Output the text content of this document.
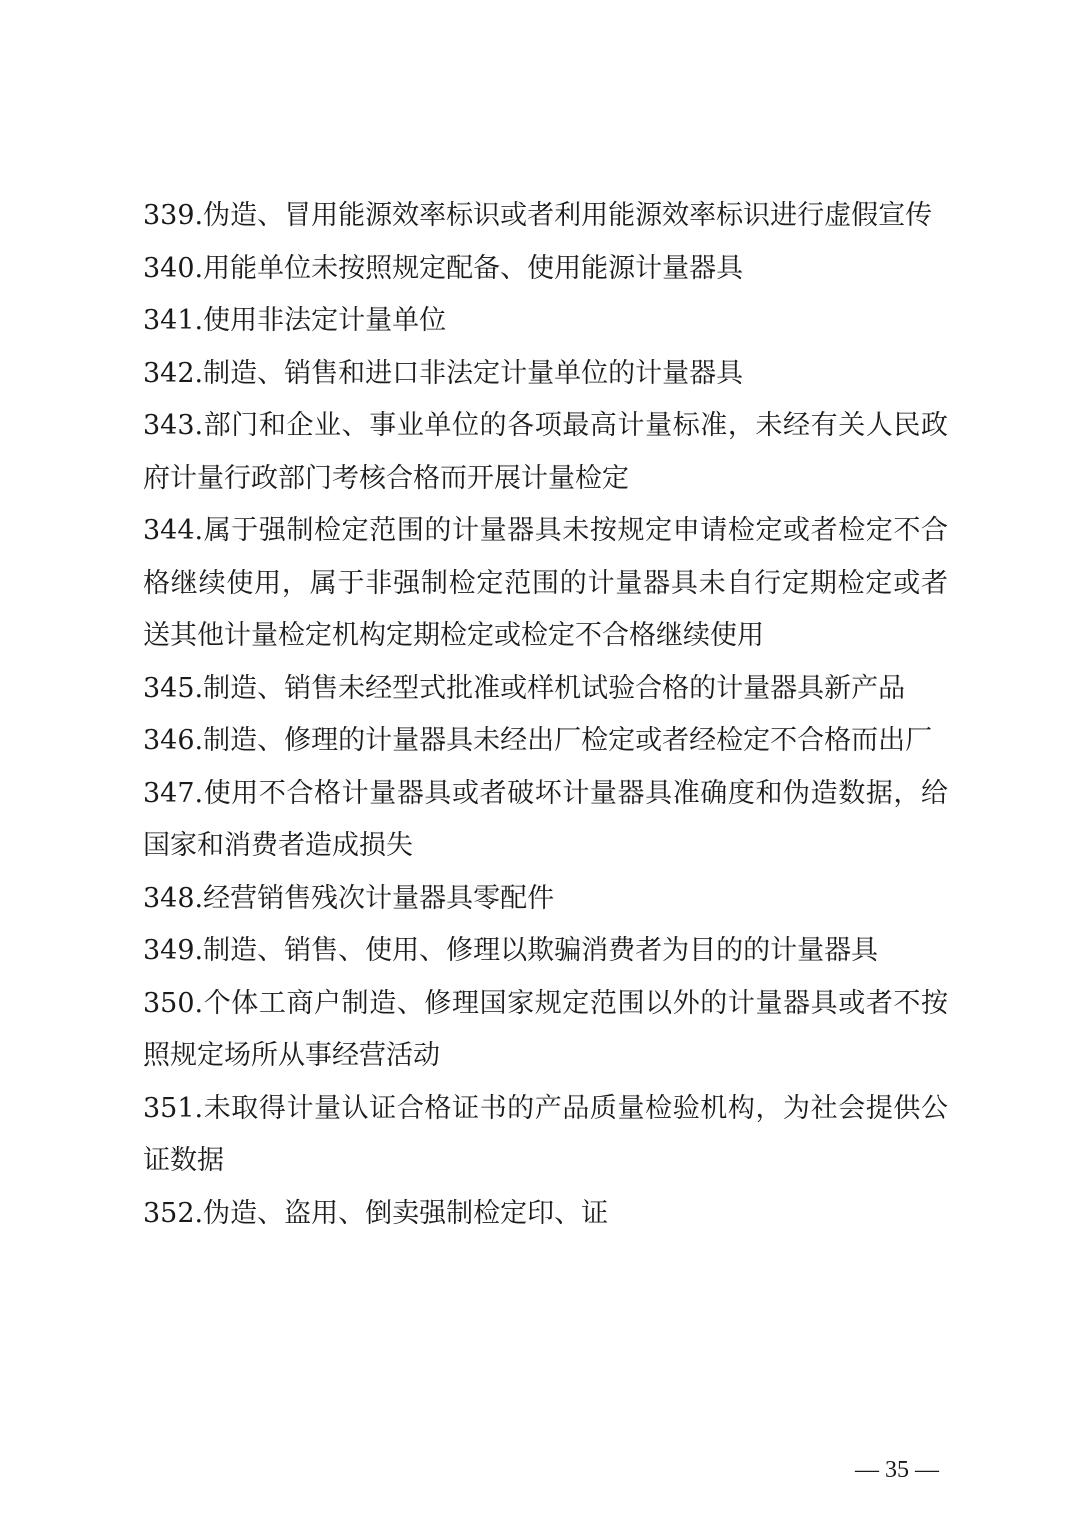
339.伪造、冒用能源效率标识或者利用能源效率标识进行虚假宣传

340.用能单位未按照规定配备、使用能源计量器具

341.使用非法定计量单位

342.制造、销售和进口非法定计量单位的计量器具

343.部门和企业、事业单位的各项最高计量标准，未经有关人民政府计量行政部门考核合格而开展计量检定

344.属于强制检定范围的计量器具未按规定申请检定或者检定不合格继续使用，属于非强制检定范围的计量器具未自行定期检定或者送其他计量检定机构定期检定或检定不合格继续使用

345.制造、销售未经型式批准或样机试验合格的计量器具新产品

346.制造、修理的计量器具未经出厂检定或者经检定不合格而出厂

347.使用不合格计量器具或者破坏计量器具准确度和伪造数据，给国家和消费者造成损失

348.经营销售残次计量器具零配件

349.制造、销售、使用、修理以欺骗消费者为目的的计量器具

350.个体工商户制造、修理国家规定范围以外的计量器具或者不按照规定场所从事经营活动

351.未取得计量认证合格证书的产品质量检验机构，为社会提供公证数据

352.伪造、盗用、倒卖强制检定印、证

— 35 —
